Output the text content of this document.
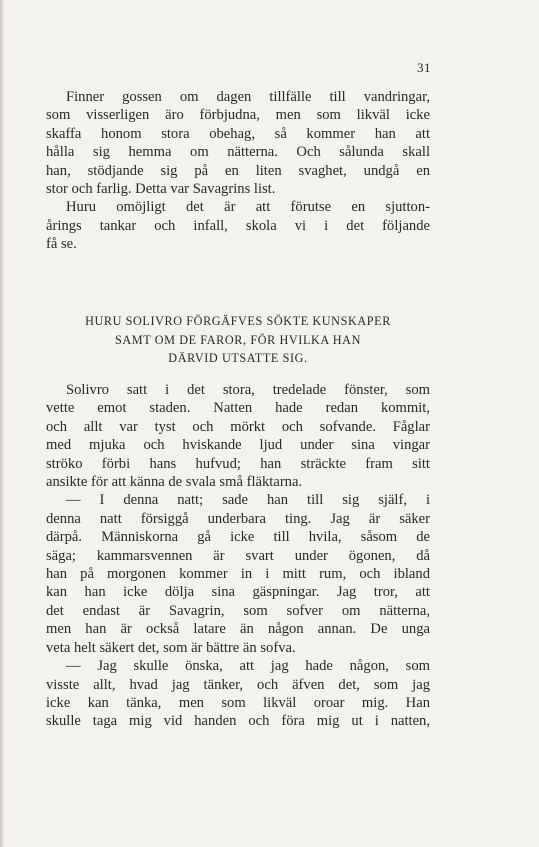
31
Finner gossen om dagen tillfälle till vandringar,
som visserligen äro förbjudna, men som likväl icke
skaffa honom stora obehag, så kommer han att
hålla sig hemma om nätterna. Och sålunda skall
han, stödjande sig på en liten svaghet, undgå en
stor och farlig. Detta var Savagrins list.
Huru omöjligt det är att förutse en sjutton-
årings tankar och infall, skola vi i det följande
få se.
HURU SOLIVRO FÖRGÄFVES SÖKTE KUNSKAPER
SAMT OM DE FAROR, FÖR HVILKA HAN
DÄRVID UTSATTE SIG.
Solivro satt i det stora, tredelade fönster, som
vette emot staden. Natten hade redan kommit,
och allt var tyst och mörkt och sofvande. Fåglar
med mjuka och hviskande ljud under sina vingar
ströko förbi hans hufvud; han sträckte fram sitt
ansikte för att känna de svala små fläktarna.
— I denna natt; sade han till sig själf, i
denna natt försiggå underbara ting. Jag är säker
därpå. Människorna gå icke till hvila, såsom de
säga; kammarsvennen är svart under ögonen, då
han på morgonen kommer in i mitt rum, och ibland
kan han icke dölja sina gäspningar. Jag tror, att
det endast är Savagrin, som sofver om nätterna,
men han är också latare än någon annan. De unga
veta helt säkert det, som är bättre än sofva.
— Jag skulle önska, att jag hade någon, som
visste allt, hvad jag tänker, och äfven det, som jag
icke kan tänka, men som likväl oroar mig. Han
skulle taga mig vid handen och föra mig ut i natten,
